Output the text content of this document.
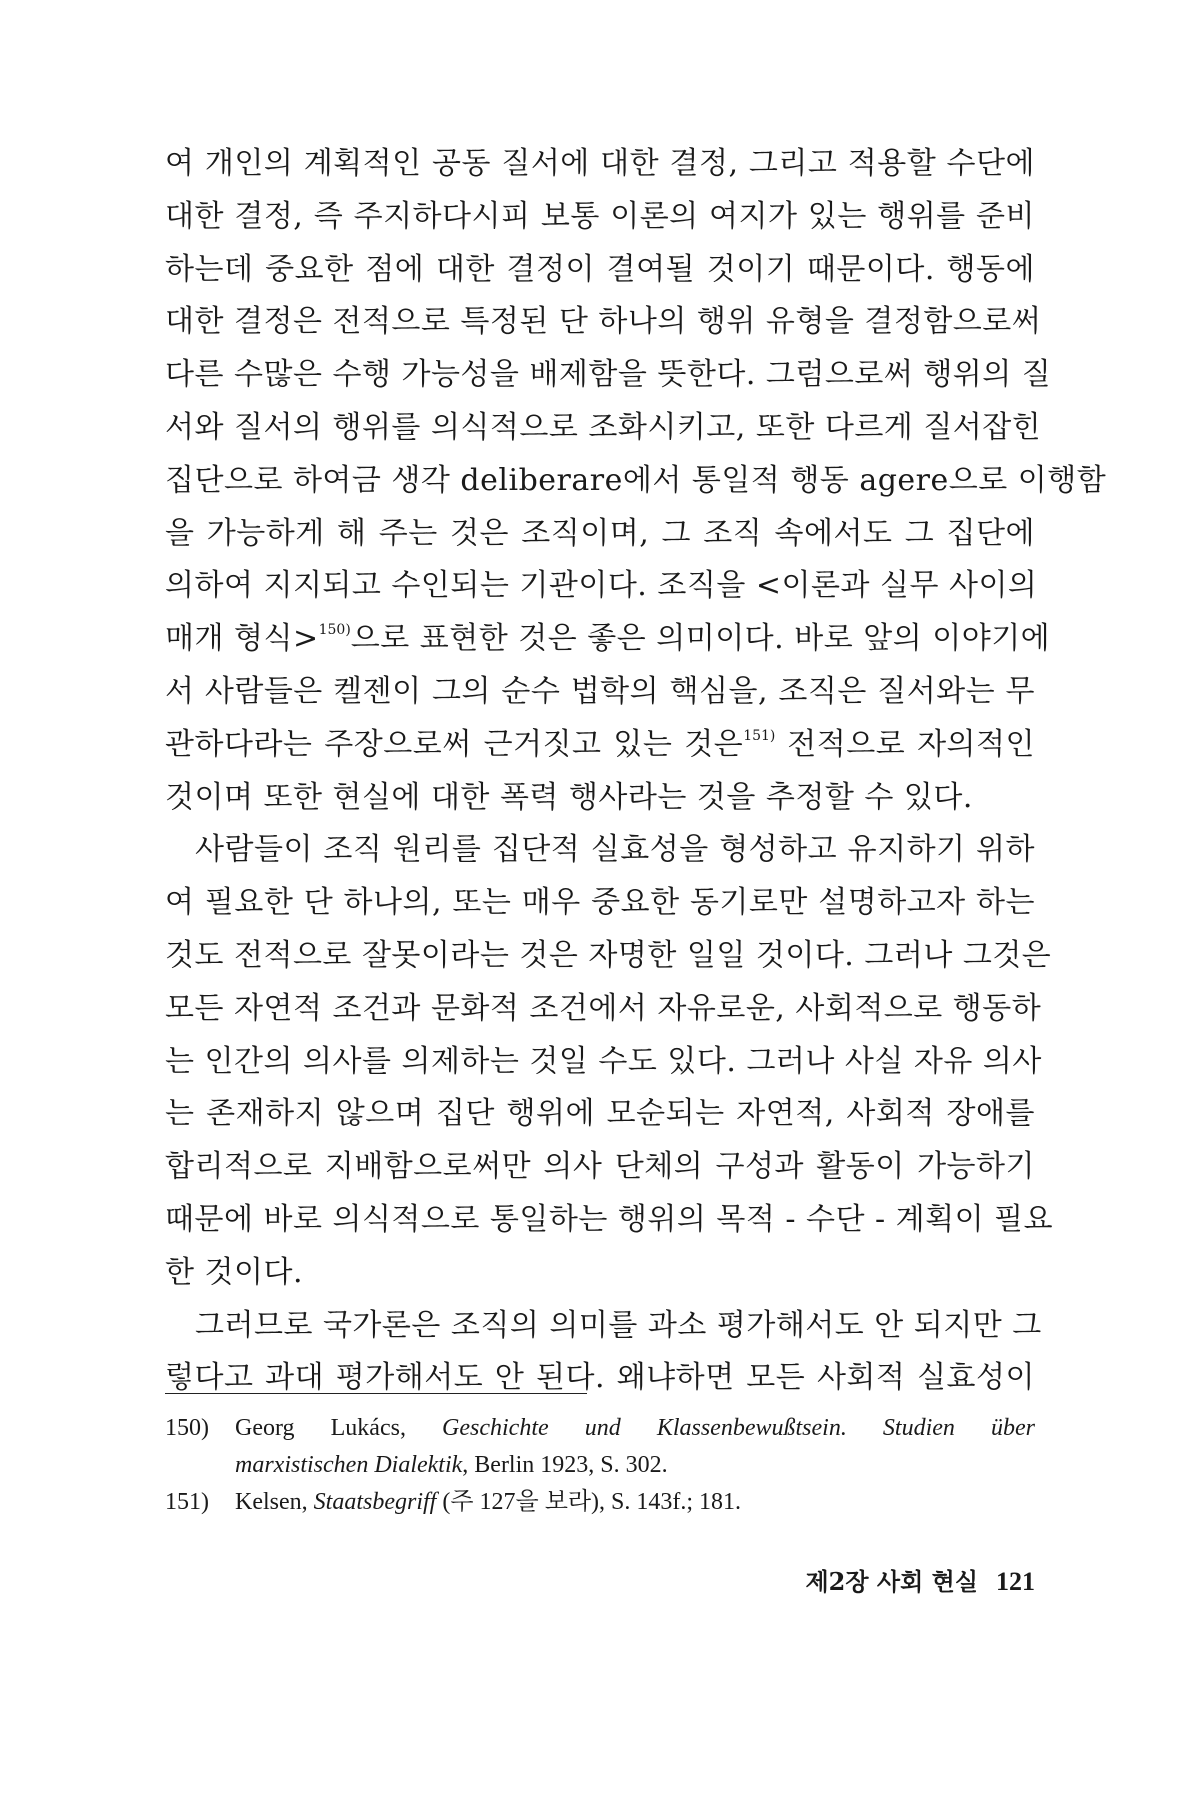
여 개인의 계획적인 공동 질서에 대한 결정, 그리고 적용할 수단에
대한 결정, 즉 주지하다시피 보통 이론의 여지가 있는 행위를 준비
하는데 중요한 점에 대한 결정이 결여될 것이기 때문이다. 행동에
대한 결정은 전적으로 특정된 단 하나의 행위 유형을 결정함으로써
다른 수많은 수행 가능성을 배제함을 뜻한다. 그럼으로써 행위의 질
서와 질서의 행위를 의식적으로 조화시키고, 또한 다르게 질서잡힌
집단으로 하여금 생각 deliberare에서 통일적 행동 agere으로 이행함
을 가능하게 해 주는 것은 조직이며, 그 조직 속에서도 그 집단에
의하여 지지되고 수인되는 기관이다. 조직을 <이론과 실무 사이의
매개 형식>$^{150)}$으로 표현한 것은 좋은 의미이다. 바로 앞의 이야기에
서 사람들은 켈젠이 그의 순수 법학의 핵심을, 조직은 질서와는 무
관하다라는 주장으로써 근거짓고 있는 것은$^{151)}$ 전적으로 자의적인
것이며 또한 현실에 대한 폭력 행사라는 것을 추정할 수 있다.
사람들이 조직 원리를 집단적 실효성을 형성하고 유지하기 위하
여 필요한 단 하나의, 또는 매우 중요한 동기로만 설명하고자 하는
것도 전적으로 잘못이라는 것은 자명한 일일 것이다. 그러나 그것은
모든 자연적 조건과 문화적 조건에서 자유로운, 사회적으로 행동하
는 인간의 의사를 의제하는 것일 수도 있다. 그러나 사실 자유 의사
는 존재하지 않으며 집단 행위에 모순되는 자연적, 사회적 장애를
합리적으로 지배함으로써만 의사 단체의 구성과 활동이 가능하기
때문에 바로 의식적으로 통일하는 행위의 목적 - 수단 - 계획이 필요
한 것이다.
그러므로 국가론은 조직의 의미를 과소 평가해서도 안 되지만 그
렇다고 과대 평가해서도 안 된다. 왜냐하면 모든 사회적 실효성이
150)	Georg Lukács, Geschichte und Klassenbewußtsein. Studien über
marxistischen Dialektik, Berlin 1923, S. 302.
151)	Kelsen, Staatsbegriff (주 127을 보라), S. 143f.; 181.
제2장 사회 현실 121
